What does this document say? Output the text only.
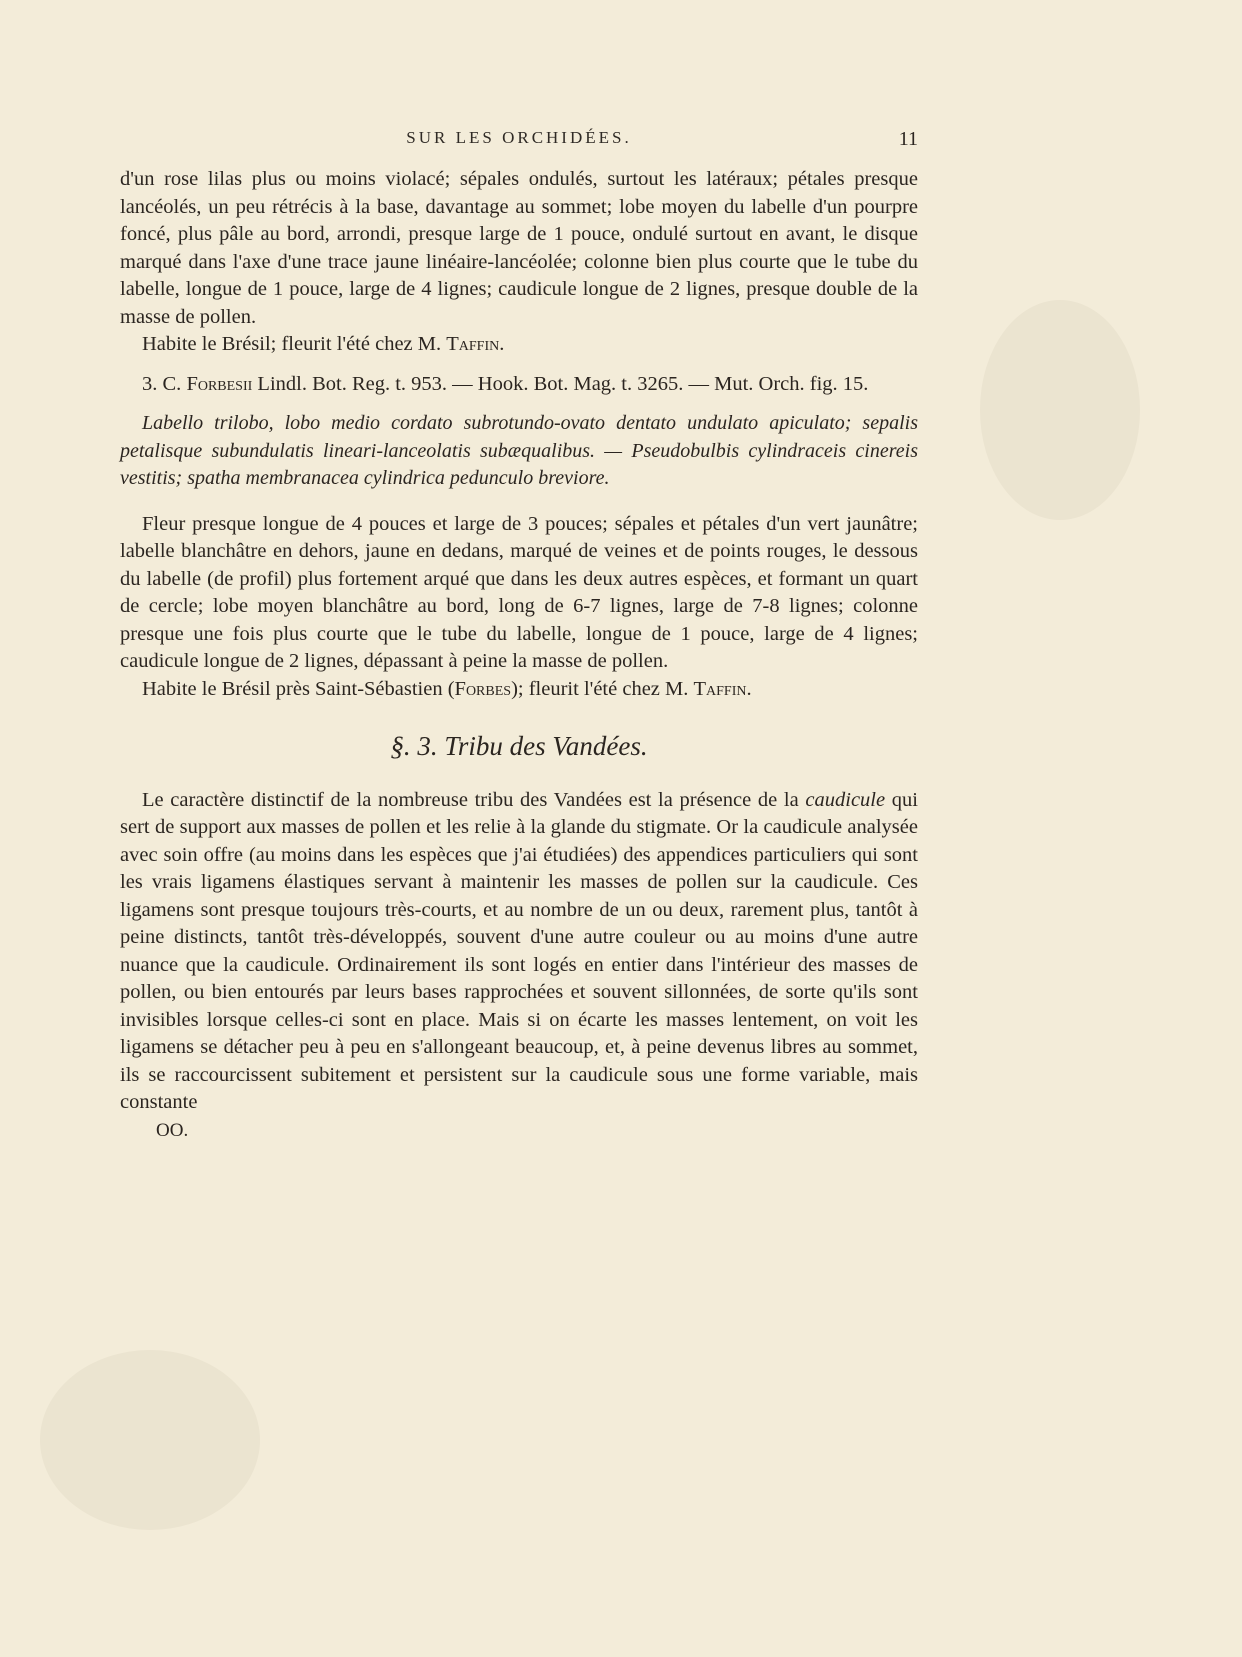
SUR LES ORCHIDÉES.	11

d'un rose lilas plus ou moins violacé; sépales ondulés, surtout les latéraux; pétales presque lancéolés, un peu rétrécis à la base, davantage au sommet; lobe moyen du labelle d'un pourpre foncé, plus pâle au bord, arrondi, presque large de 1 pouce, ondulé surtout en avant, le disque marqué dans l'axe d'une trace jaune linéaire-lancéolée; colonne bien plus courte que le tube du labelle, longue de 1 pouce, large de 4 lignes; caudicule longue de 2 lignes, presque double de la masse de pollen.

Habite le Brésil; fleurit l'été chez M. Taffin.

3. C. Forbesii Lindl. Bot. Reg. t. 953. — Hook. Bot. Mag. t. 3265. — Mut. Orch. fig. 15.

Labello trilobo, lobo medio cordato subrotundo-ovato dentato undulato apiculato; sepalis petalisque subundulatis lineari-lanceolatis subæqualibus. — Pseudobulbis cylindraceis cinereis vestitis; spatha membranacea cylindrica pedunculo breviore.

Fleur presque longue de 4 pouces et large de 3 pouces; sépales et pétales d'un vert jaunâtre; labelle blanchâtre en dehors, jaune en dedans, marqué de veines et de points rouges, le dessous du labelle (de profil) plus fortement arqué que dans les deux autres espèces, et formant un quart de cercle; lobe moyen blanchâtre au bord, long de 6-7 lignes, large de 7-8 lignes; colonne presque une fois plus courte que le tube du labelle, longue de 1 pouce, large de 4 lignes; caudicule longue de 2 lignes, dépassant à peine la masse de pollen.

Habite le Brésil près Saint-Sébastien (Forbes); fleurit l'été chez M. Taffin.

§. 3. Tribu des Vandées.

Le caractère distinctif de la nombreuse tribu des Vandées est la présence de la caudicule qui sert de support aux masses de pollen et les relie à la glande du stigmate. Or la caudicule analysée avec soin offre (au moins dans les espèces que j'ai étudiées) des appendices particuliers qui sont les vrais ligamens élastiques servant à maintenir les masses de pollen sur la caudicule. Ces ligamens sont presque toujours très-courts, et au nombre de un ou deux, rarement plus, tantôt à peine distincts, tantôt très-développés, souvent d'une autre couleur ou au moins d'une autre nuance que la caudicule. Ordinairement ils sont logés en entier dans l'intérieur des masses de pollen, ou bien entourés par leurs bases rapprochées et souvent sillonnées, de sorte qu'ils sont invisibles lorsque celles-ci sont en place. Mais si on écarte les masses lentement, on voit les ligamens se détacher peu à peu en s'allongeant beaucoup, et, à peine devenus libres au sommet, ils se raccourcissent subitement et persistent sur la caudicule sous une forme variable, mais constante

OO.
